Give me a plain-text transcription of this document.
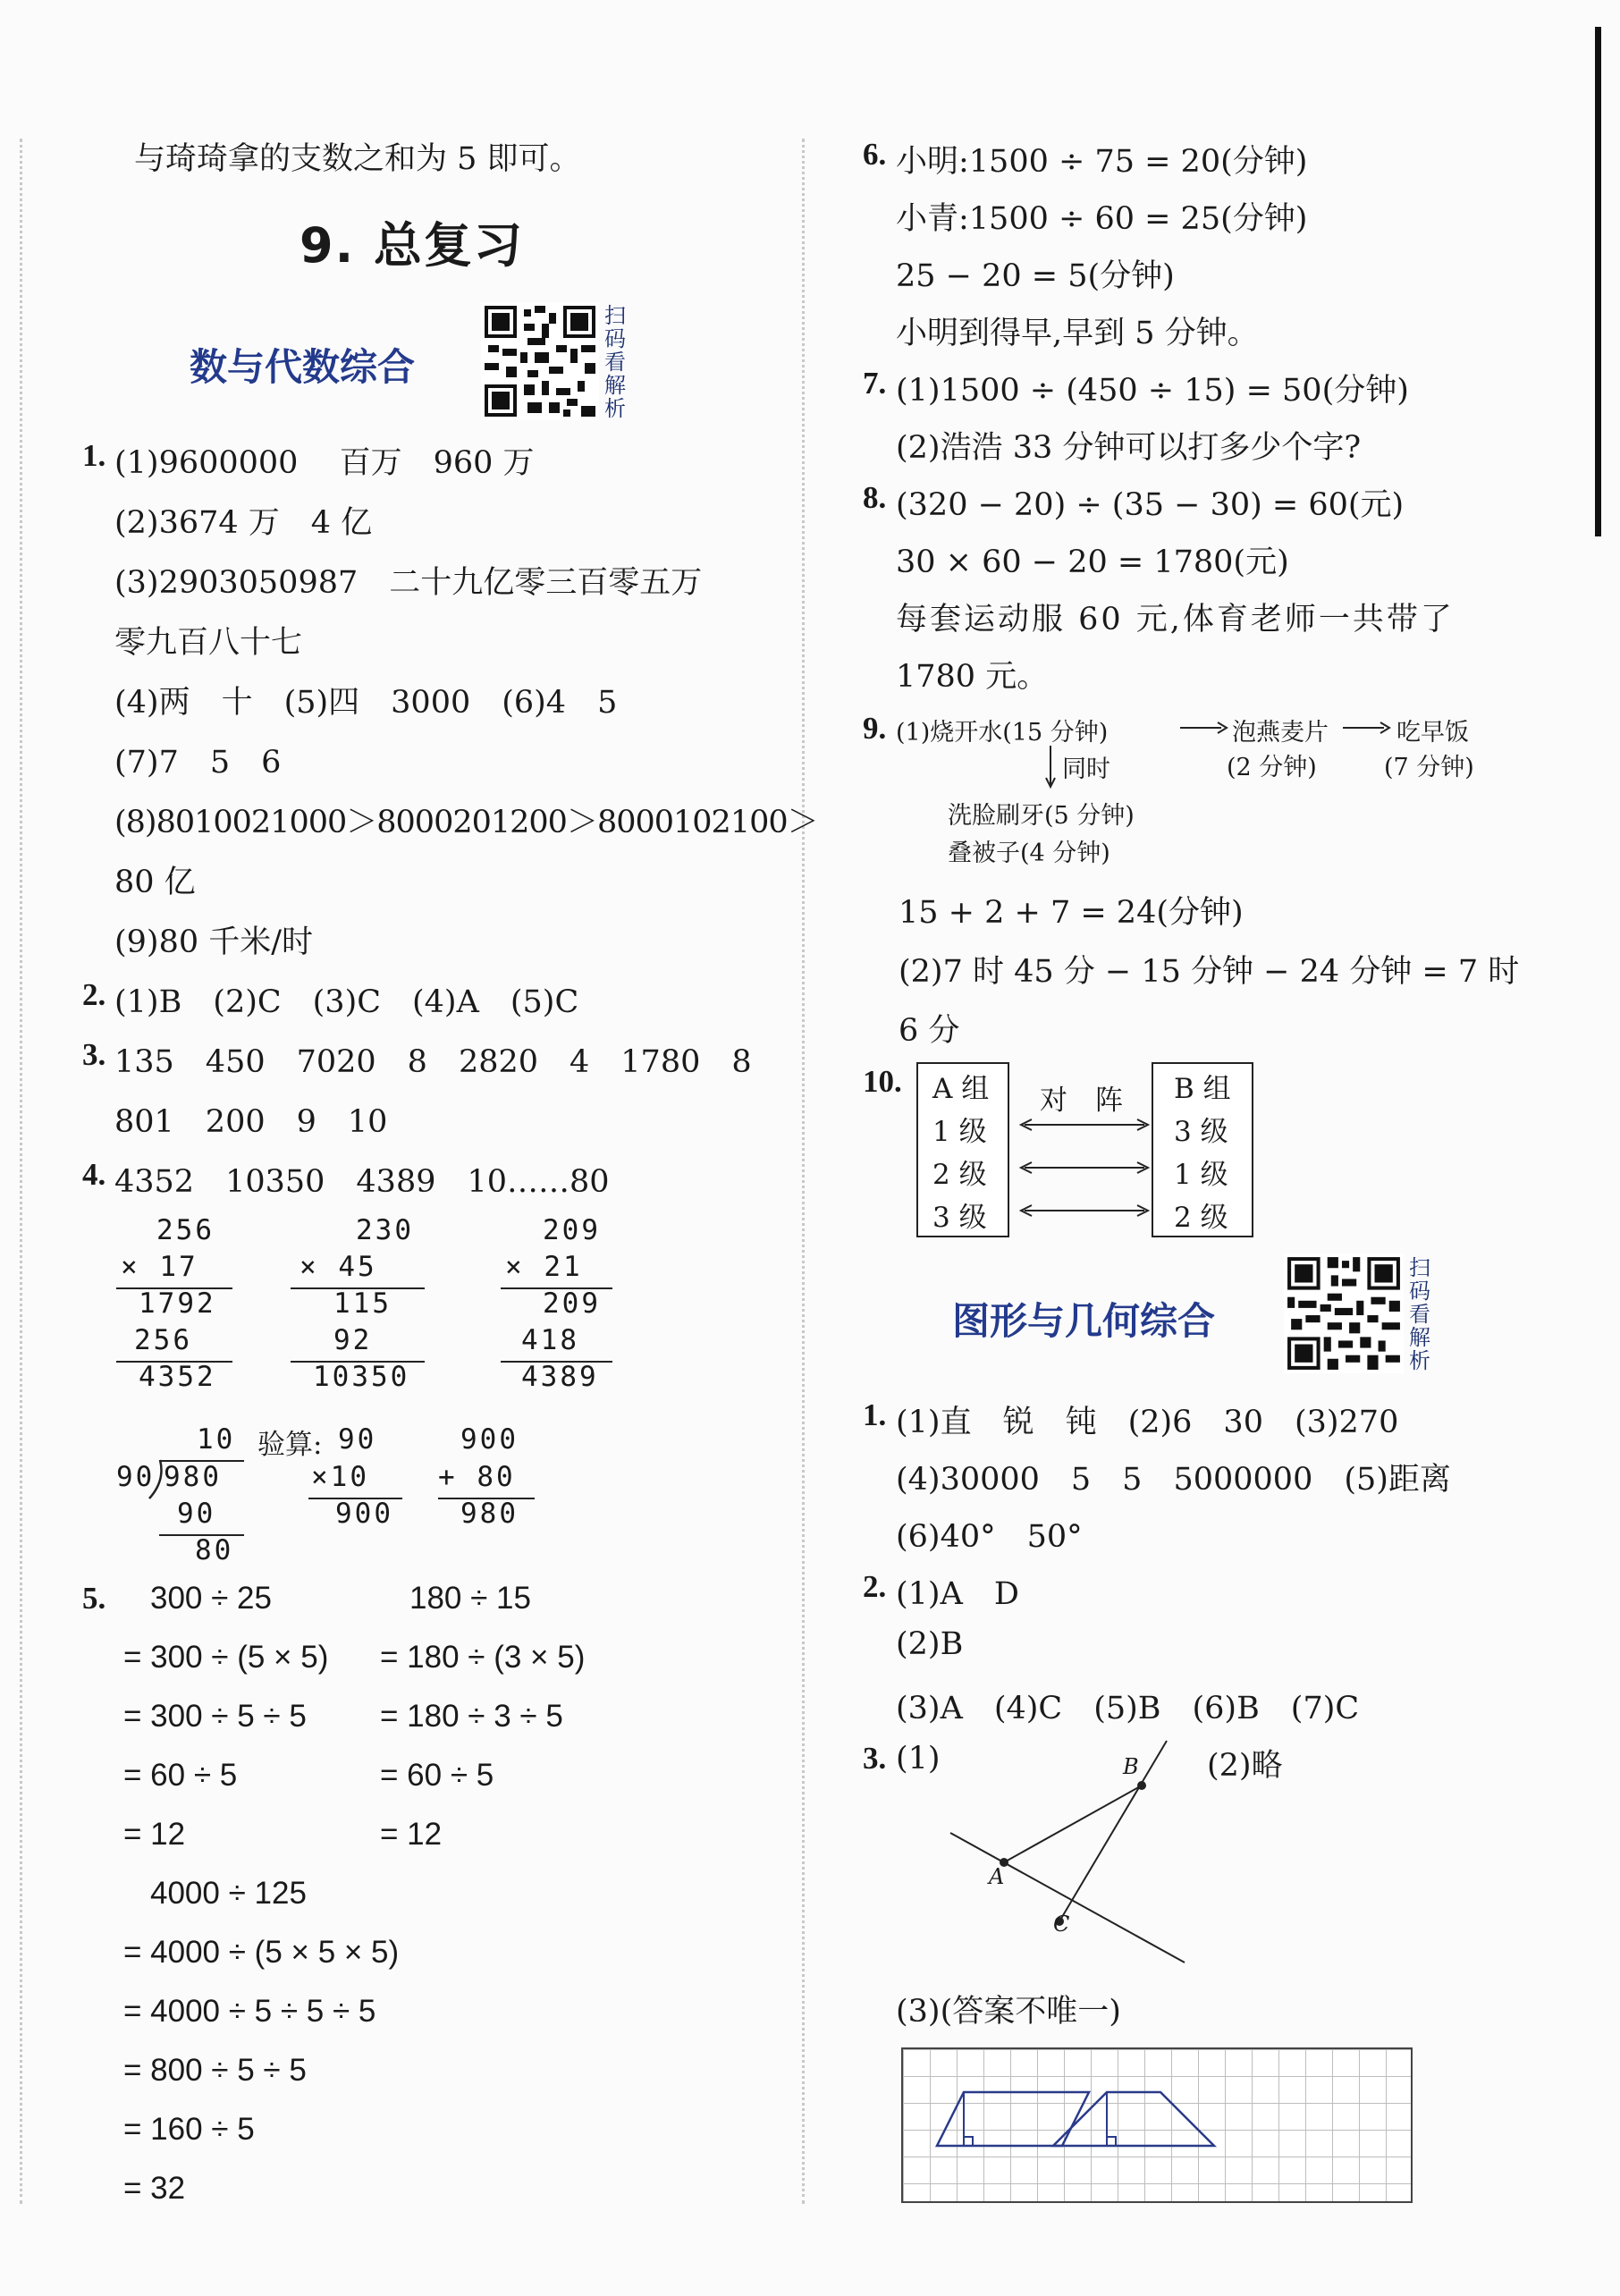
与琦琦拿的支数之和为 5 即可。
9. 总复习
数与代数综合
扫码看解析
1. (1)9600000　 百万　960 万
(2)3674 万　4 亿
(3)2903050987　二十九亿零三百零五万
零九百八十七
(4)两　十　(5)四　3000　(6)4　5
(7)7　5　6
(8)8010021000＞8000201200＞8000102100＞
80 亿
(9)80 千米/时
2. (1)B　(2)C　(3)C　(4)A　(5)C
3. 135　450　7020　8　2820　4　1780　8
801　200　9　10
4. 4352　10350　4389　10……80
256
× 17
1792
256
4352
230
× 45
115
92
10350
209
× 21
209
418
4389
10 验算:
90 980
90
80
90
×10
900
900
+ 80
980
5. 300 ÷ 25
= 300 ÷ (5 × 5)
= 300 ÷ 5 ÷ 5
= 60 ÷ 5
= 12
180 ÷ 15
= 180 ÷ (3 × 5)
= 180 ÷ 3 ÷ 5
= 60 ÷ 5
= 12
4000 ÷ 125
= 4000 ÷ (5 × 5 × 5)
= 4000 ÷ 5 ÷ 5 ÷ 5
= 800 ÷ 5 ÷ 5
= 160 ÷ 5
= 32
6. 小明:1500 ÷ 75 = 20(分钟)
小青:1500 ÷ 60 = 25(分钟)
25 − 20 = 5(分钟)
小明到得早,早到 5 分钟。
7. (1)1500 ÷ (450 ÷ 15) = 50(分钟)
(2)浩浩 33 分钟可以打多少个字?
8. (320 − 20) ÷ (35 − 30) = 60(元)
30 × 60 − 20 = 1780(元)
每套运动服 60 元,体育老师一共带了
1780 元。
9. (1)烧开水(15 分钟)	泡燕麦片
(2 分钟)
吃早饭
(7 分钟)
同时
洗脸刷牙(5 分钟)
叠被子(4 分钟)
15 + 2 + 7 = 24(分钟)
(2)7 时 45 分 − 15 分钟 − 24 分钟 = 7 时
6 分
10. A 组
1 级
2 级
3 级
B 组
3 级
1 级
2 级
对　阵
图形与几何综合
扫码看解析
1. (1)直　锐　钝　(2)6　30　(3)270
(4)30000　5　5　5000000　(5)距离
(6)40°　50°
2. (1)A　D
(2)B
(3)A　(4)C　(5)B　(6)B　(7)C
3. (1)	(2)略
A
B
C
(3)(答案不唯一)
